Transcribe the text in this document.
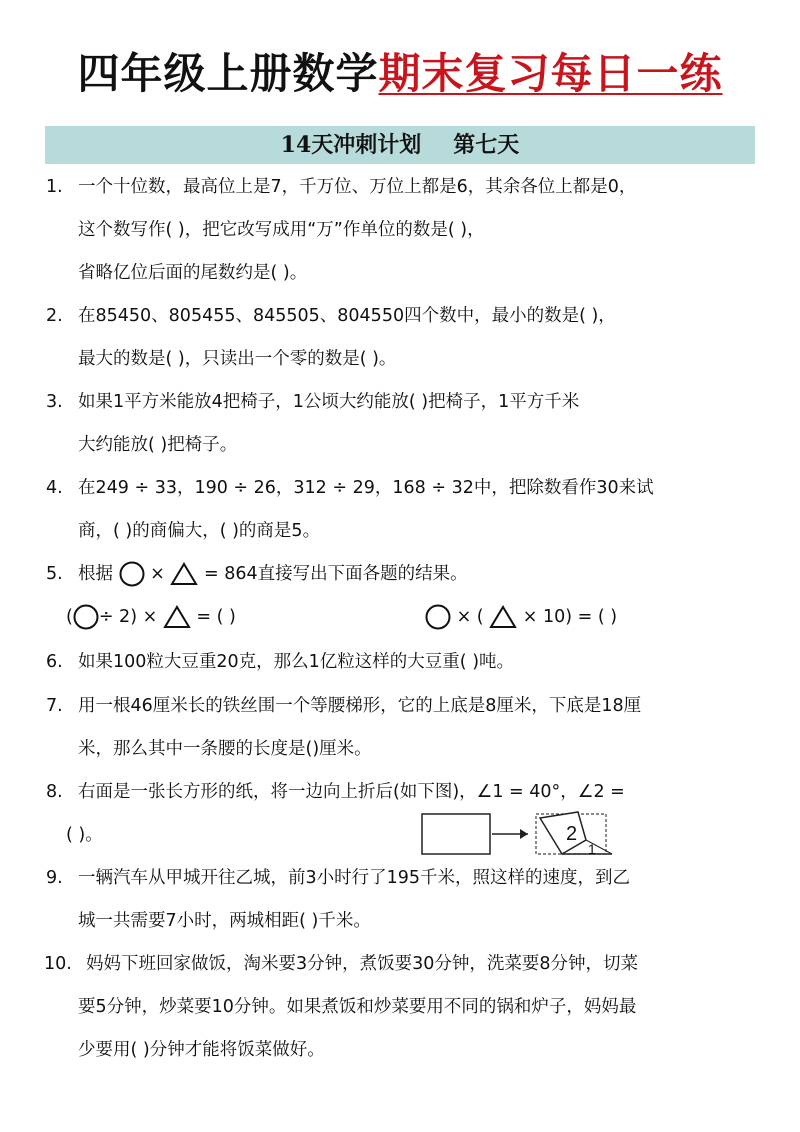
四年级上册数学期末复习每日一练
14天冲刺计划 第七天
1. 一个十位数，最高位上是7，千万位、万位上都是6，其余各位上都是0，
这个数写作( )，把它改写成用“万”作单位的数是( )，
省略亿位后面的尾数约是( )。
2. 在85450、805455、845505、804550四个数中，最小的数是( )，
最大的数是( )，只读出一个零的数是( )。
3. 如果1平方米能放4把椅子，1公顷大约能放( )把椅子，1平方千米
大约能放( )把椅子。
4. 在249 ÷ 33，190 ÷ 26，312 ÷ 29，168 ÷ 32中，把除数看作30来试
商，( )的商偏大，( )的商是5。
5. 根据 ×  = 864直接写出下面各题的结果。
( ÷ 2) × = ( )	× ( × 10) = ( )
6. 如果100粒大豆重20克，那么1亿粒这样的大豆重( )吨。
7. 用一根46厘米长的铁丝围一个等腰梯形，它的上底是8厘米，下底是18厘
米，那么其中一条腰的长度是()厘米。
8. 右面是一张长方形的纸，将一边向上折后(如下图)，∠1 = 40°，∠2 =
( )。	2
1
9. 一辆汽车从甲城开往乙城，前3小时行了195千米，照这样的速度，到乙
城一共需要7小时，两城相距( )千米。
10. 妈妈下班回家做饭，淘米要3分钟，煮饭要30分钟，洗菜要8分钟，切菜
要5分钟，炒菜要10分钟。如果煮饭和炒菜要用不同的锅和炉子，妈妈最
少要用( )分钟才能将饭菜做好。
